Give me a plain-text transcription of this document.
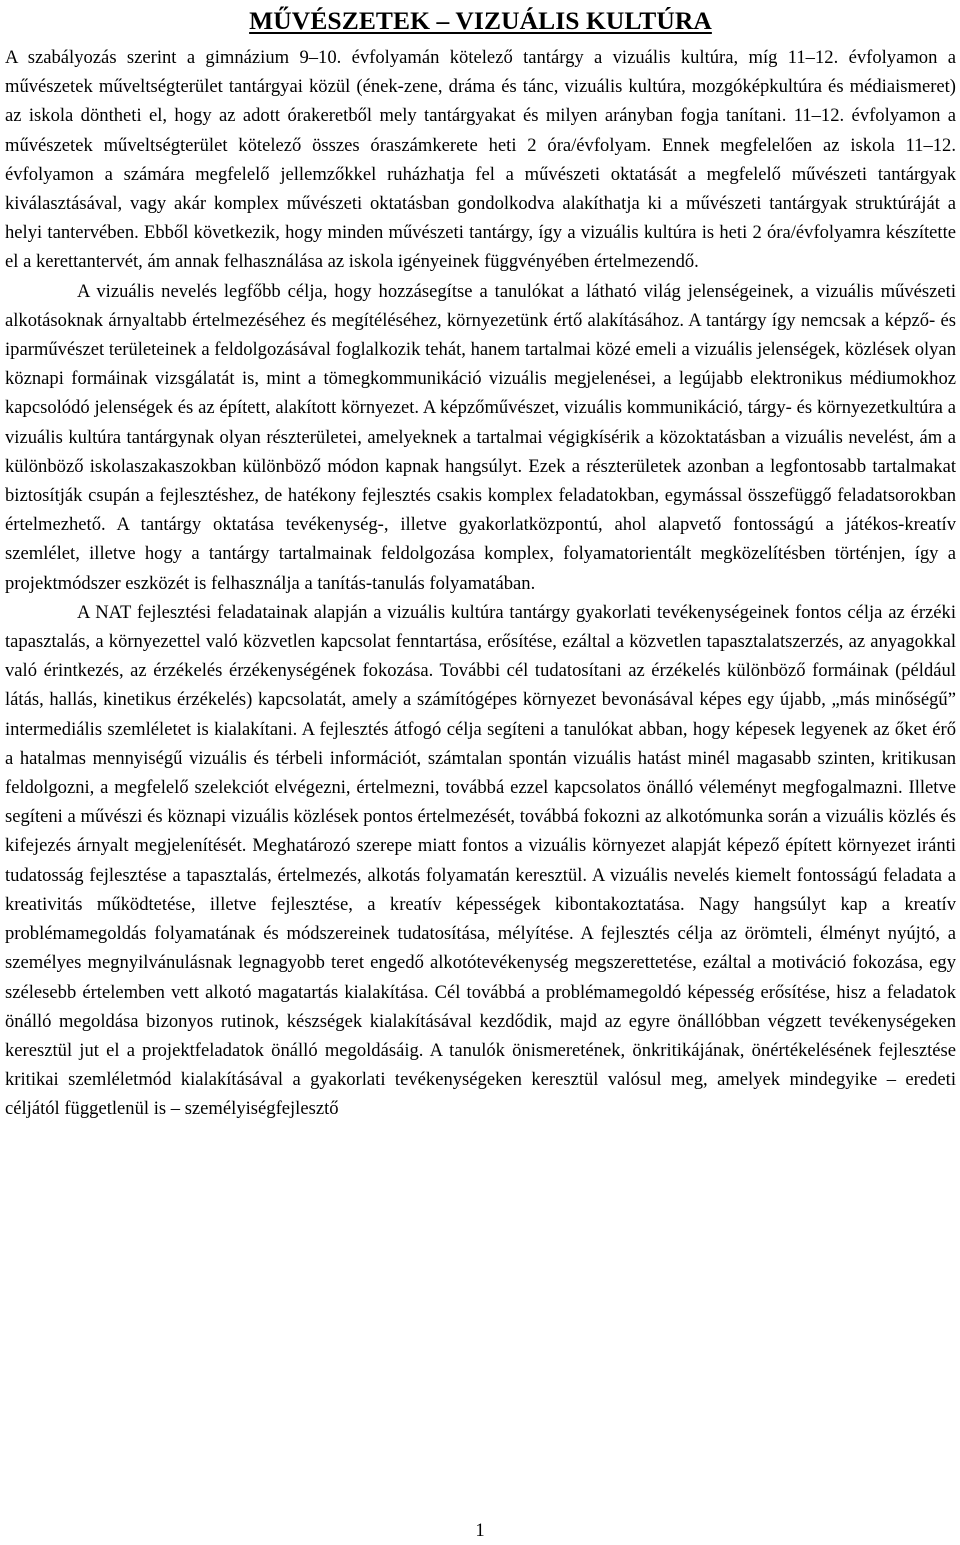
MŰVÉSZETEK – VIZUÁLIS KULTÚRA

A szabályozás szerint a gimnázium 9–10. évfolyamán kötelező tantárgy a vizuális kultúra, míg 11–12. évfolyamon a művészetek műveltségterület tantárgyai közül (ének-zene, dráma és tánc, vizuális kultúra, mozgóképkultúra és médiaismeret) az iskola döntheti el, hogy az adott órakeretből mely tantárgyakat és milyen arányban fogja tanítani. 11–12. évfolyamon a művészetek műveltségterület kötelező összes óraszámkerete heti 2 óra/évfolyam. Ennek megfelelően az iskola 11–12. évfolyamon a számára megfelelő jellemzőkkel ruházhatja fel a művészeti oktatását a megfelelő művészeti tantárgyak kiválasztásával, vagy akár komplex művészeti oktatásban gondolkodva alakíthatja ki a művészeti tantárgyak struktúráját a helyi tantervében. Ebből következik, hogy minden művészeti tantárgy, így a vizuális kultúra is heti 2 óra/évfolyamra készítette el a kerettantervét, ám annak felhasználása az iskola igényeinek függvényében értelmezendő.

A vizuális nevelés legfőbb célja, hogy hozzásegítse a tanulókat a látható világ jelenségeinek, a vizuális művészeti alkotásoknak árnyaltabb értelmezéséhez és megítéléséhez, környezetünk értő alakításához. A tantárgy így nemcsak a képző- és iparművészet területeinek a feldolgozásával foglalkozik tehát, hanem tartalmai közé emeli a vizuális jelenségek, közlések olyan köznapi formáinak vizsgálatát is, mint a tömegkommunikáció vizuális megjelenései, a legújabb elektronikus médiumokhoz kapcsolódó jelenségek és az épített, alakított környezet. A képzőművészet, vizuális kommunikáció, tárgy- és környezetkultúra a vizuális kultúra tantárgynak olyan részterületei, amelyeknek a tartalmai végigkísérik a közoktatásban a vizuális nevelést, ám a különböző iskolaszakaszokban különböző módon kapnak hangsúlyt. Ezek a részterületek azonban a legfontosabb tartalmakat biztosítják csupán a fejlesztéshez, de hatékony fejlesztés csakis komplex feladatokban, egymással összefüggő feladatsorokban értelmezhető. A tantárgy oktatása tevékenység-, illetve gyakorlatközpontú, ahol alapvető fontosságú a játékos-kreatív szemlélet, illetve hogy a tantárgy tartalmainak feldolgozása komplex, folyamatorientált megközelítésben történjen, így a projektmódszer eszközét is felhasználja a tanítás-tanulás folyamatában.

A NAT fejlesztési feladatainak alapján a vizuális kultúra tantárgy gyakorlati tevékenységeinek fontos célja az érzéki tapasztalás, a környezettel való közvetlen kapcsolat fenntartása, erősítése, ezáltal a közvetlen tapasztalatszerzés, az anyagokkal való érintkezés, az érzékelés érzékenységének fokozása. További cél tudatosítani az érzékelés különböző formáinak (például látás, hallás, kinetikus érzékelés) kapcsolatát, amely a számítógépes környezet bevonásával képes egy újabb, „más minőségű” intermediális szemléletet is kialakítani. A fejlesztés átfogó célja segíteni a tanulókat abban, hogy képesek legyenek az őket érő a hatalmas mennyiségű vizuális és térbeli információt, számtalan spontán vizuális hatást minél magasabb szinten, kritikusan feldolgozni, a megfelelő szelekciót elvégezni, értelmezni, továbbá ezzel kapcsolatos önálló véleményt megfogalmazni. Illetve segíteni a művészi és köznapi vizuális közlések pontos értelmezését, továbbá fokozni az alkotómunka során a vizuális közlés és kifejezés árnyalt megjelenítését. Meghatározó szerepe miatt fontos a vizuális környezet alapját képező épített környezet iránti tudatosság fejlesztése a tapasztalás, értelmezés, alkotás folyamatán keresztül. A vizuális nevelés kiemelt fontosságú feladata a kreativitás működtetése, illetve fejlesztése, a kreatív képességek kibontakoztatása. Nagy hangsúlyt kap a kreatív problémamegoldás folyamatának és módszereinek tudatosítása, mélyítése. A fejlesztés célja az örömteli, élményt nyújtó, a személyes megnyilvánulásnak legnagyobb teret engedő alkotótevékenység megszerettetése, ezáltal a motiváció fokozása, egy szélesebb értelemben vett alkotó magatartás kialakítása. Cél továbbá a problémamegoldó képesség erősítése, hisz a feladatok önálló megoldása bizonyos rutinok, készségek kialakításával kezdődik, majd az egyre önállóbban végzett tevékenységeken keresztül jut el a projektfeladatok önálló megoldásáig. A tanulók önismeretének, önkritikájának, önértékelésének fejlesztése kritikai szemléletmód kialakításával a gyakorlati tevékenységeken keresztül valósul meg, amelyek mindegyike – eredeti céljától függetlenül is – személyiségfejlesztő

1
